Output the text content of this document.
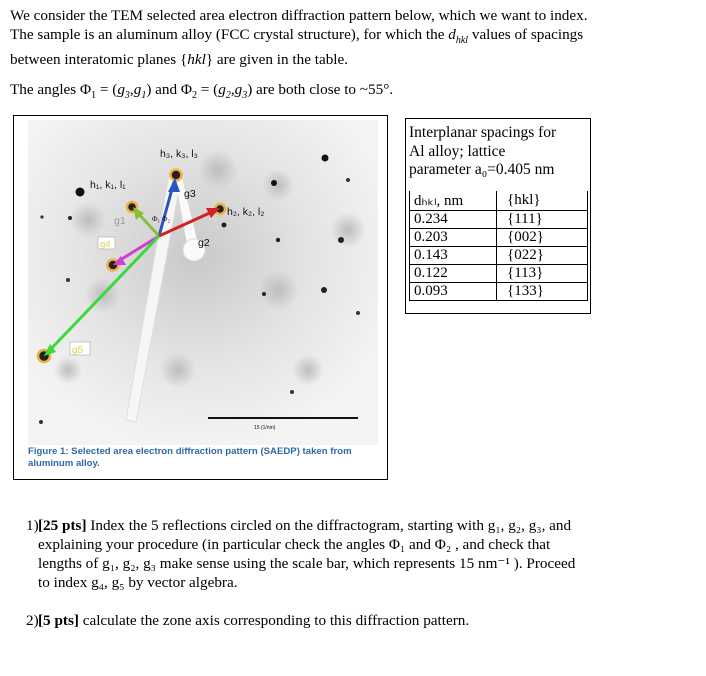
We consider the TEM selected area electron diffraction pattern below, which we want to index.
The sample is an aluminum alloy (FCC crystal structure), for which the $d_{hkl}$ values of spacings
between interatomic planes {hkl} are given in the table.
The angles $\Phi_1 = (g_3,g_1)$ and $\Phi_2 = (g_2,g_3)$ are both close to ~55°.
15 (1/nm)
h₃, k₃, l₃
h₁, k₁, l₁
h₂, k₂, l₂
g3
g1
g2
Φ₁ Φ₂
g4
g5
Figure 1: Selected area electron diffraction pattern (SAEDP) taken from aluminum alloy.
Interplanar spacings for
Al alloy; lattice
parameter a₀=0.405 nm
dₕₖₗ, nm	{hkl}
0.234	{111}
0.203	{002}
0.143	{022}
0.122	{113}
0.093	{133}
1) [25 pts] Index the 5 reflections circled on the diffractogram, starting with g₁, g₂, g₃, and
explaining your procedure (in particular check the angles Φ₁ and Φ₂ , and check that
lengths of g₁, g₂, g₃ make sense using the scale bar, which represents 15 nm⁻¹ ). Proceed
to index g₄, g₅ by vector algebra.
2) [5 pts] calculate the zone axis corresponding to this diffraction pattern.
